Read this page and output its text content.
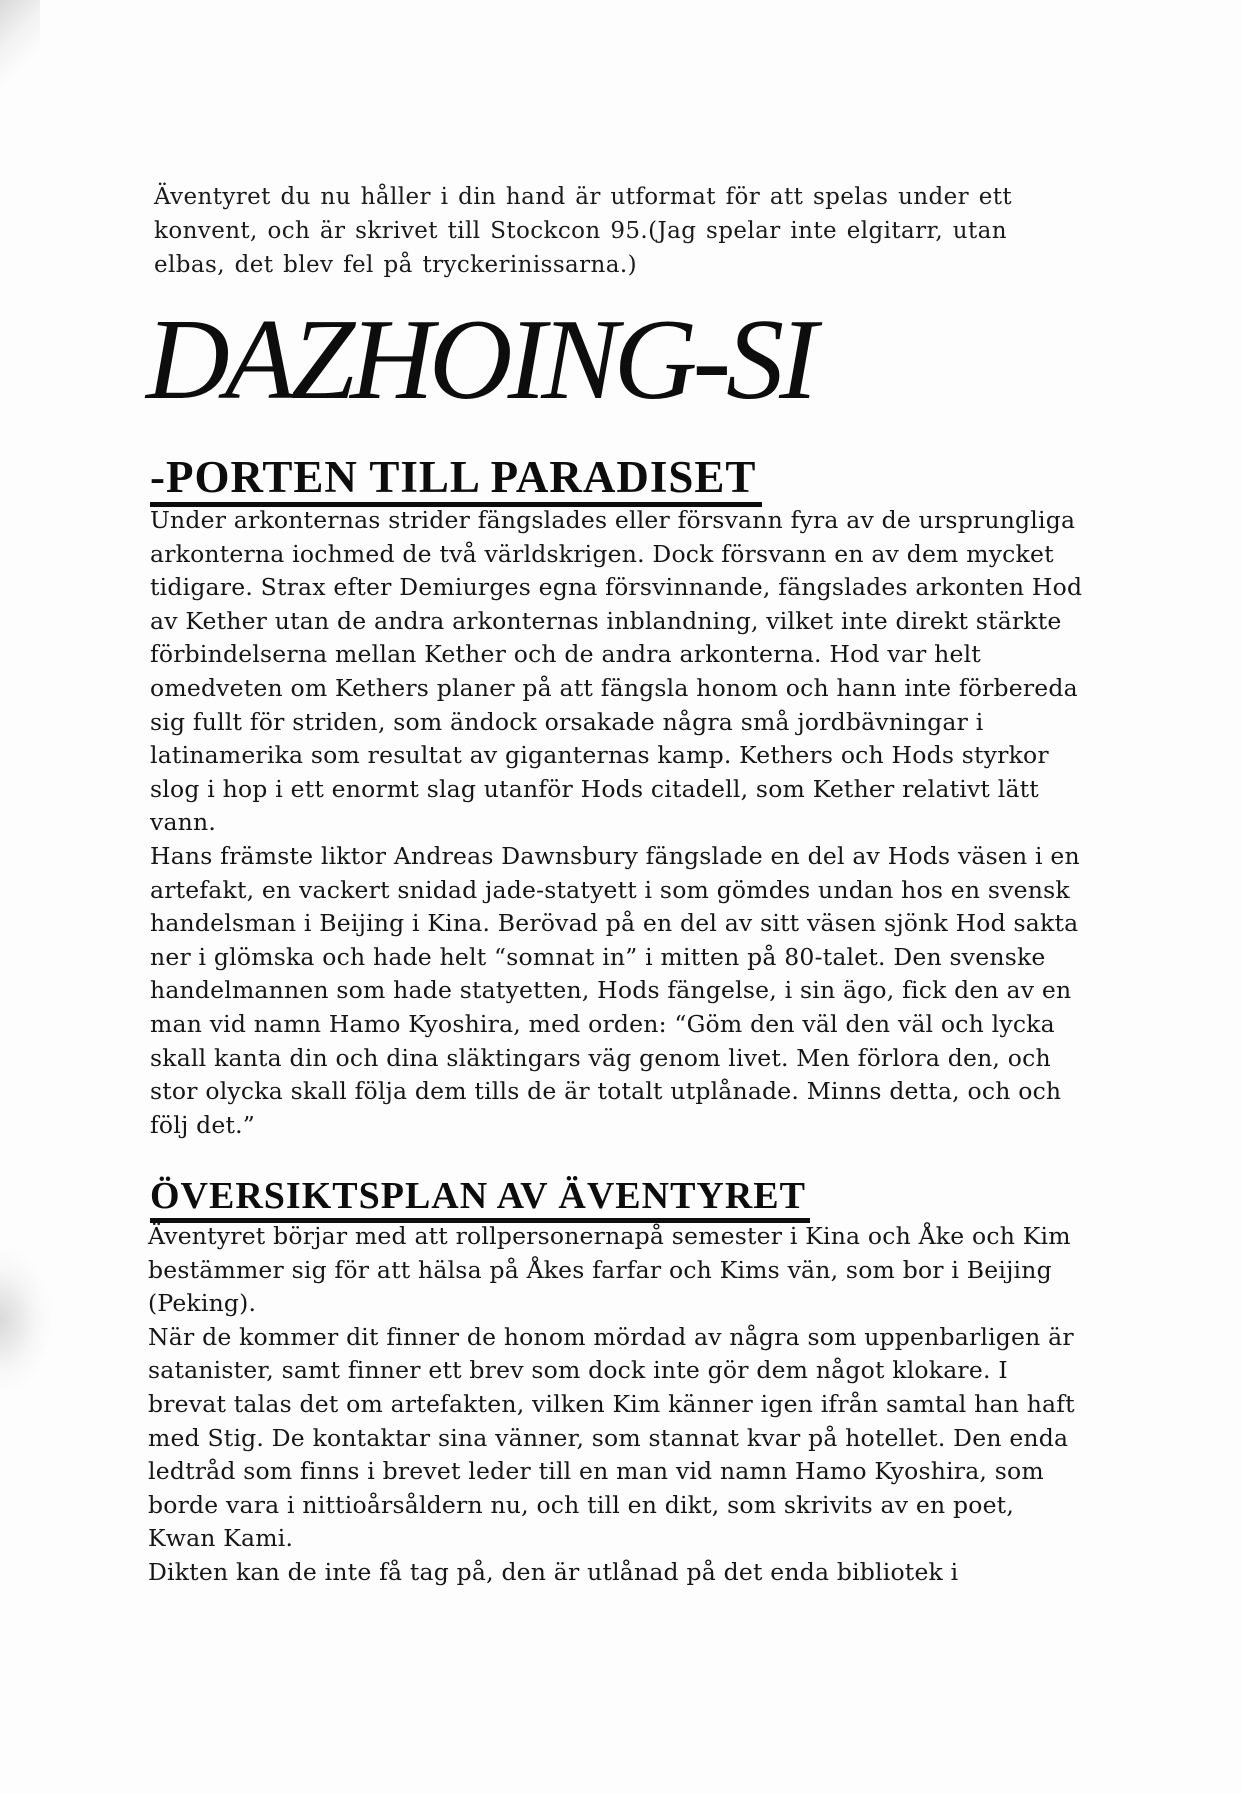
Äventyret du nu håller i din hand är utformat för att spelas under ett konvent, och är skrivet till Stockcon 95.(Jag spelar inte elgitarr, utan elbas, det blev fel på tryckerinissarna.)
DAZHOING-SI
-PORTEN TILL PARADISET

Under arkonternas strider fängslades eller försvann fyra av de ursprungliga arkonterna iochmed de två världskrigen. Dock försvann en av dem mycket tidigare. Strax efter Demiurges egna försvinnande, fängslades arkonten Hod av Kether utan de andra arkonternas inblandning, vilket inte direkt stärkte förbindelserna mellan Kether och de andra arkonterna. Hod var helt omedveten om Kethers planer på att fängsla honom och hann inte förbereda sig fullt för striden, som ändock orsakade några små jordbävningar i latinamerika som resultat av giganternas kamp. Kethers och Hods styrkor slog i hop i ett enormt slag utanför Hods citadell, som Kether relativt lätt vann.

Hans främste liktor Andreas Dawnsbury fängslade en del av Hods väsen i en artefakt, en vackert snidad jade-statyett i som gömdes undan hos en svensk handelsman i Beijing i Kina. Berövad på en del av sitt väsen sjönk Hod sakta ner i glömska och hade helt “somnat in” i mitten på 80-talet. Den svenske handelmannen som hade statyetten, Hods fängelse, i sin ägo, fick den av en man vid namn Hamo Kyoshira, med orden: “Göm den väl den väl och lycka skall kanta din och dina släktingars väg genom livet. Men förlora den, och stor olycka skall följa dem tills de är totalt utplånade. Minns detta, och och följ det.”

ÖVERSIKTSPLAN AV ÄVENTYRET

Äventyret börjar med att rollpersonernapå semester i Kina och Åke och Kim bestämmer sig för att hälsa på Åkes farfar och Kims vän, som bor i Beijing (Peking).

När de kommer dit finner de honom mördad av några som uppenbarligen är satanister, samt finner ett brev som dock inte gör dem något klokare. I brevat talas det om artefakten, vilken Kim känner igen ifrån samtal han haft med Stig. De kontaktar sina vänner, som stannat kvar på hotellet. Den enda ledtråd som finns i brevet leder till en man vid namn Hamo Kyoshira, som borde vara i nittioårsåldern nu, och till en dikt, som skrivits av en poet, Kwan Kami.

Dikten kan de inte få tag på, den är utlånad på det enda bibliotek i
